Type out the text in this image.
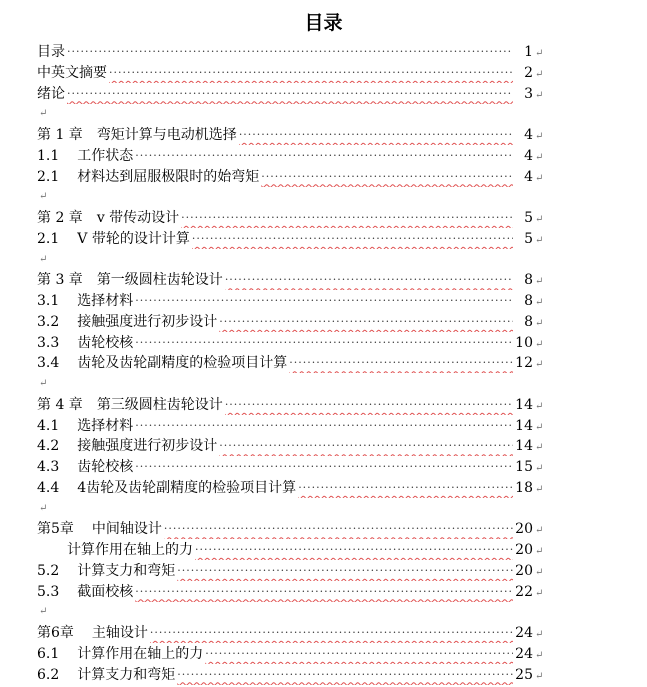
目录
目录 ·····	1 ↵
中英文摘要 ·····	2 ↵
绪论 ·····	3 ↵
↵
第 1 章 弯矩计算与电动机选择 ·····	4 ↵
1.1 工作状态 ·····	4 ↵
2.1 材料达到屈服极限时的始弯矩 ·····	4 ↵
↵
第 2 章 v 带传动设计 ·····	5 ↵
2.1 V 带轮的设计计算 ·····	5 ↵
↵
第 3 章 第一级圆柱齿轮设计 ·····	8 ↵
3.1 选择材料 ·····	8 ↵
3.2 接触强度进行初步设计 ·····	8 ↵
3.3 齿轮校核 ·····	10 ↵
3.4 齿轮及齿轮副精度的检验项目计算 ·····	12 ↵
↵
第 4 章 第三级圆柱齿轮设计 ·····	14 ↵
4.1 选择材料 ·····	14 ↵
4.2 接触强度进行初步设计 ·····	14 ↵
4.3 齿轮校核 ·····	15 ↵
4.4 4齿轮及齿轮副精度的检验项目计算 ·····	18 ↵
↵
第5章 中间轴设计 ·····	20 ↵
计算作用在轴上的力 ·····	20 ↵
5.2 计算支力和弯矩 ·····	20 ↵
5.3 截面校核 ·····	22 ↵
↵
第6章 主轴设计 ·····	24 ↵
6.1 计算作用在轴上的力 ·····	24 ↵
6.2 计算支力和弯矩 ·····	25 ↵
